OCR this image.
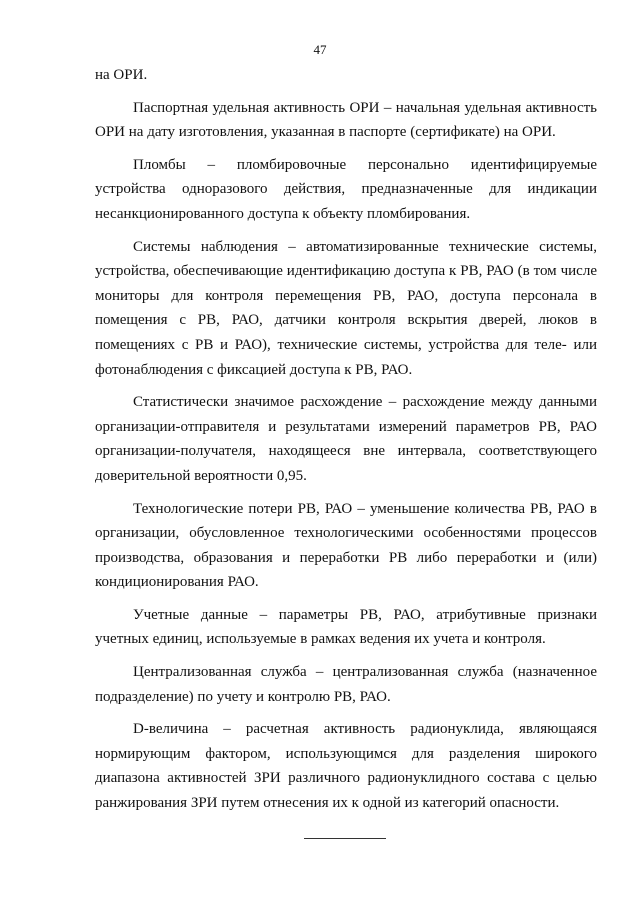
47

на ОРИ.

Паспортная удельная активность ОРИ – начальная удельная активность ОРИ на дату изготовления, указанная в паспорте (сертификате) на ОРИ.

Пломбы – пломбировочные персонально идентифицируемые устройства одноразового действия, предназначенные для индикации несанкционированного доступа к объекту пломбирования.

Системы наблюдения – автоматизированные технические системы, устройства, обеспечивающие идентификацию доступа к РВ, РАО (в том числе мониторы для контроля перемещения РВ, РАО, доступа персонала в помещения с РВ, РАО, датчики контроля вскрытия дверей, люков в помещениях с РВ и РАО), технические системы, устройства для теле- или фотонаблюдения с фиксацией доступа к РВ, РАО.

Статистически значимое расхождение – расхождение между данными организации-отправителя и результатами измерений параметров РВ, РАО организации-получателя, находящееся вне интервала, соответствующего доверительной вероятности 0,95.

Технологические потери РВ, РАО – уменьшение количества РВ, РАО в организации, обусловленное технологическими особенностями процессов производства, образования и переработки РВ либо переработки и (или) кондиционирования РАО.

Учетные данные – параметры РВ, РАО, атрибутивные признаки учетных единиц, используемые в рамках ведения их учета и контроля.

Централизованная служба – централизованная служба (назначенное подразделение) по учету и контролю РВ, РАО.

D-величина – расчетная активность радионуклида, являющаяся нормирующим фактором, использующимся для разделения широкого диапазона активностей ЗРИ различного радионуклидного состава с целью ранжирования ЗРИ путем отнесения их к одной из категорий опасности.
